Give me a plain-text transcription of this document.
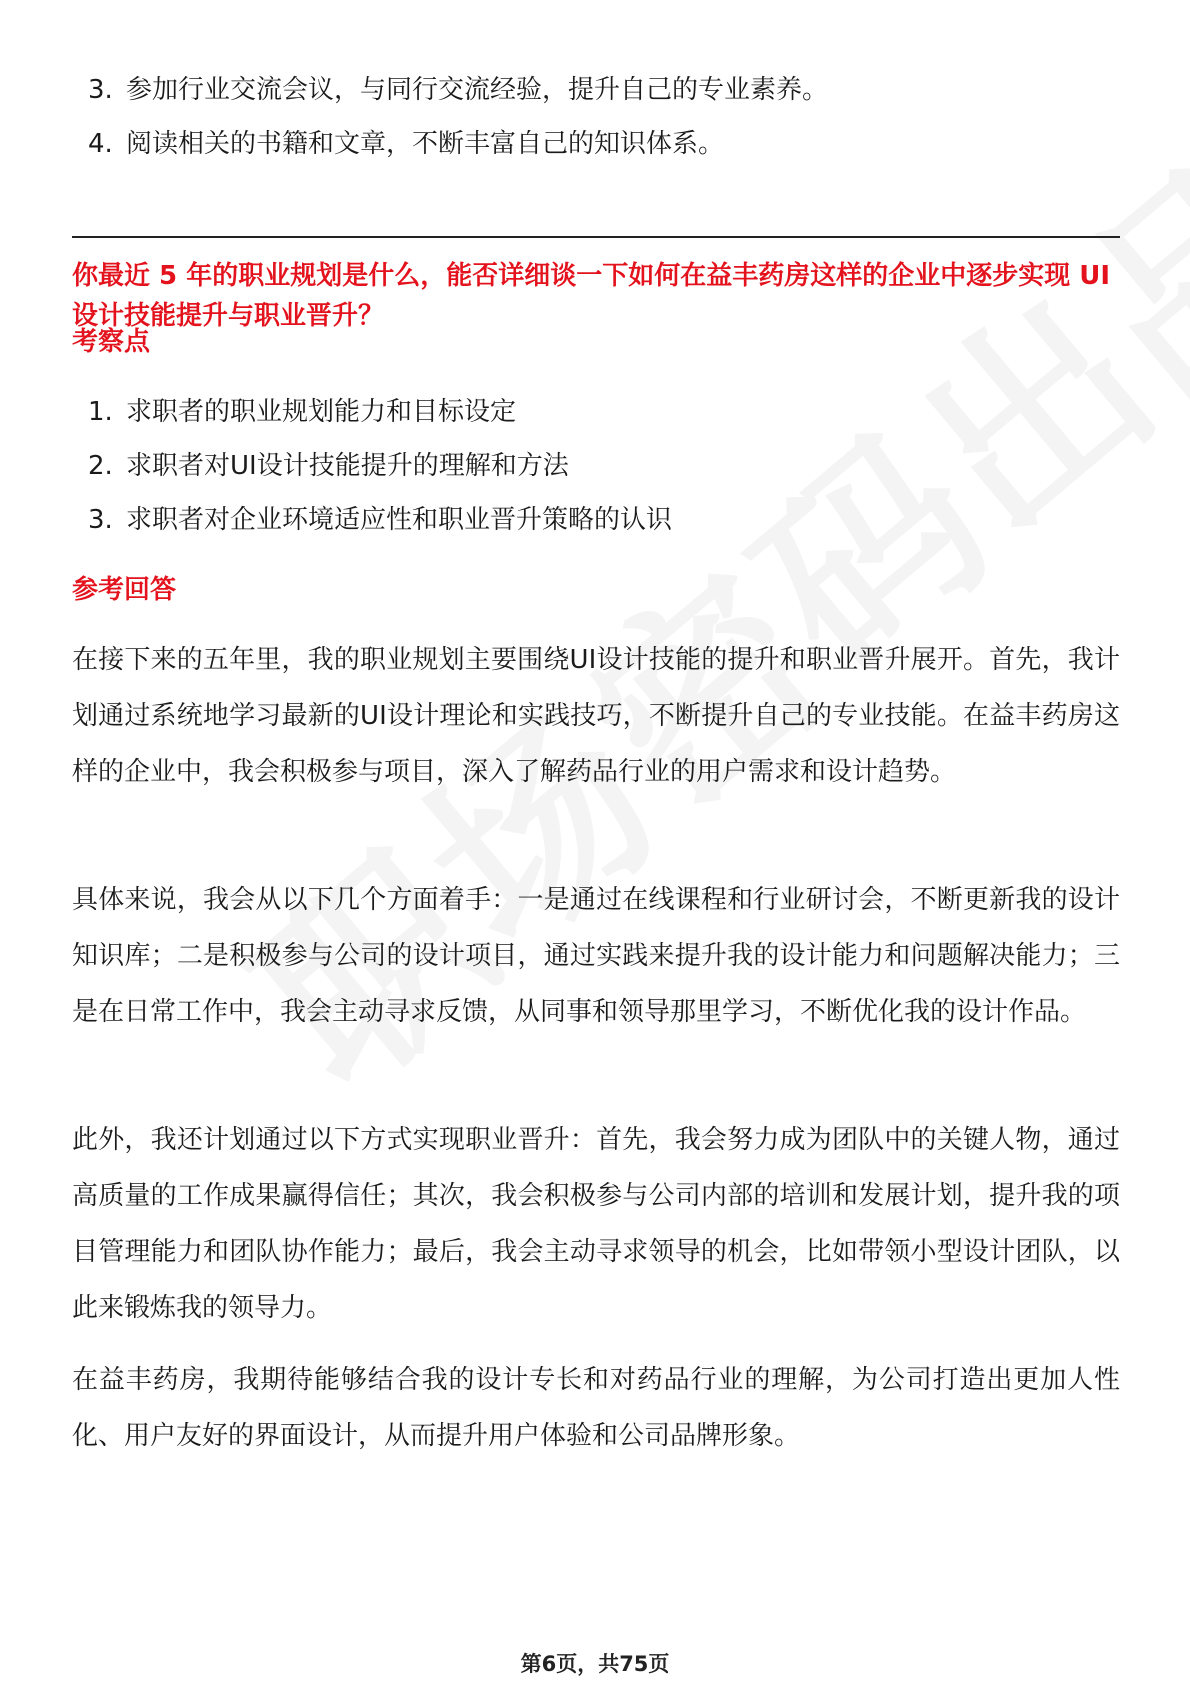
3. 参加行业交流会议，与同行交流经验，提升自己的专业素养。
4. 阅读相关的书籍和文章，不断丰富自己的知识体系。
你最近 5 年的职业规划是什么，能否详细谈一下如何在益丰药房这样的企业中逐步实现 UI 设计技能提升与职业晋升？
考察点
1. 求职者的职业规划能力和目标设定
2. 求职者对UI设计技能提升的理解和方法
3. 求职者对企业环境适应性和职业晋升策略的认识
参考回答
在接下来的五年里，我的职业规划主要围绕UI设计技能的提升和职业晋升展开。首先，我计划通过系统地学习最新的UI设计理论和实践技巧，不断提升自己的专业技能。在益丰药房这样的企业中，我会积极参与项目，深入了解药品行业的用户需求和设计趋势。
具体来说，我会从以下几个方面着手：一是通过在线课程和行业研讨会，不断更新我的设计知识库；二是积极参与公司的设计项目，通过实践来提升我的设计能力和问题解决能力；三是在日常工作中，我会主动寻求反馈，从同事和领导那里学习，不断优化我的设计作品。
此外，我还计划通过以下方式实现职业晋升：首先，我会努力成为团队中的关键人物，通过高质量的工作成果赢得信任；其次，我会积极参与公司内部的培训和发展计划，提升我的项目管理能力和团队协作能力；最后，我会主动寻求领导的机会，比如带领小型设计团队，以此来锻炼我的领导力。
在益丰药房，我期待能够结合我的设计专长和对药品行业的理解，为公司打造出更加人性化、用户友好的界面设计，从而提升用户体验和公司品牌形象。
第6页，共75页
